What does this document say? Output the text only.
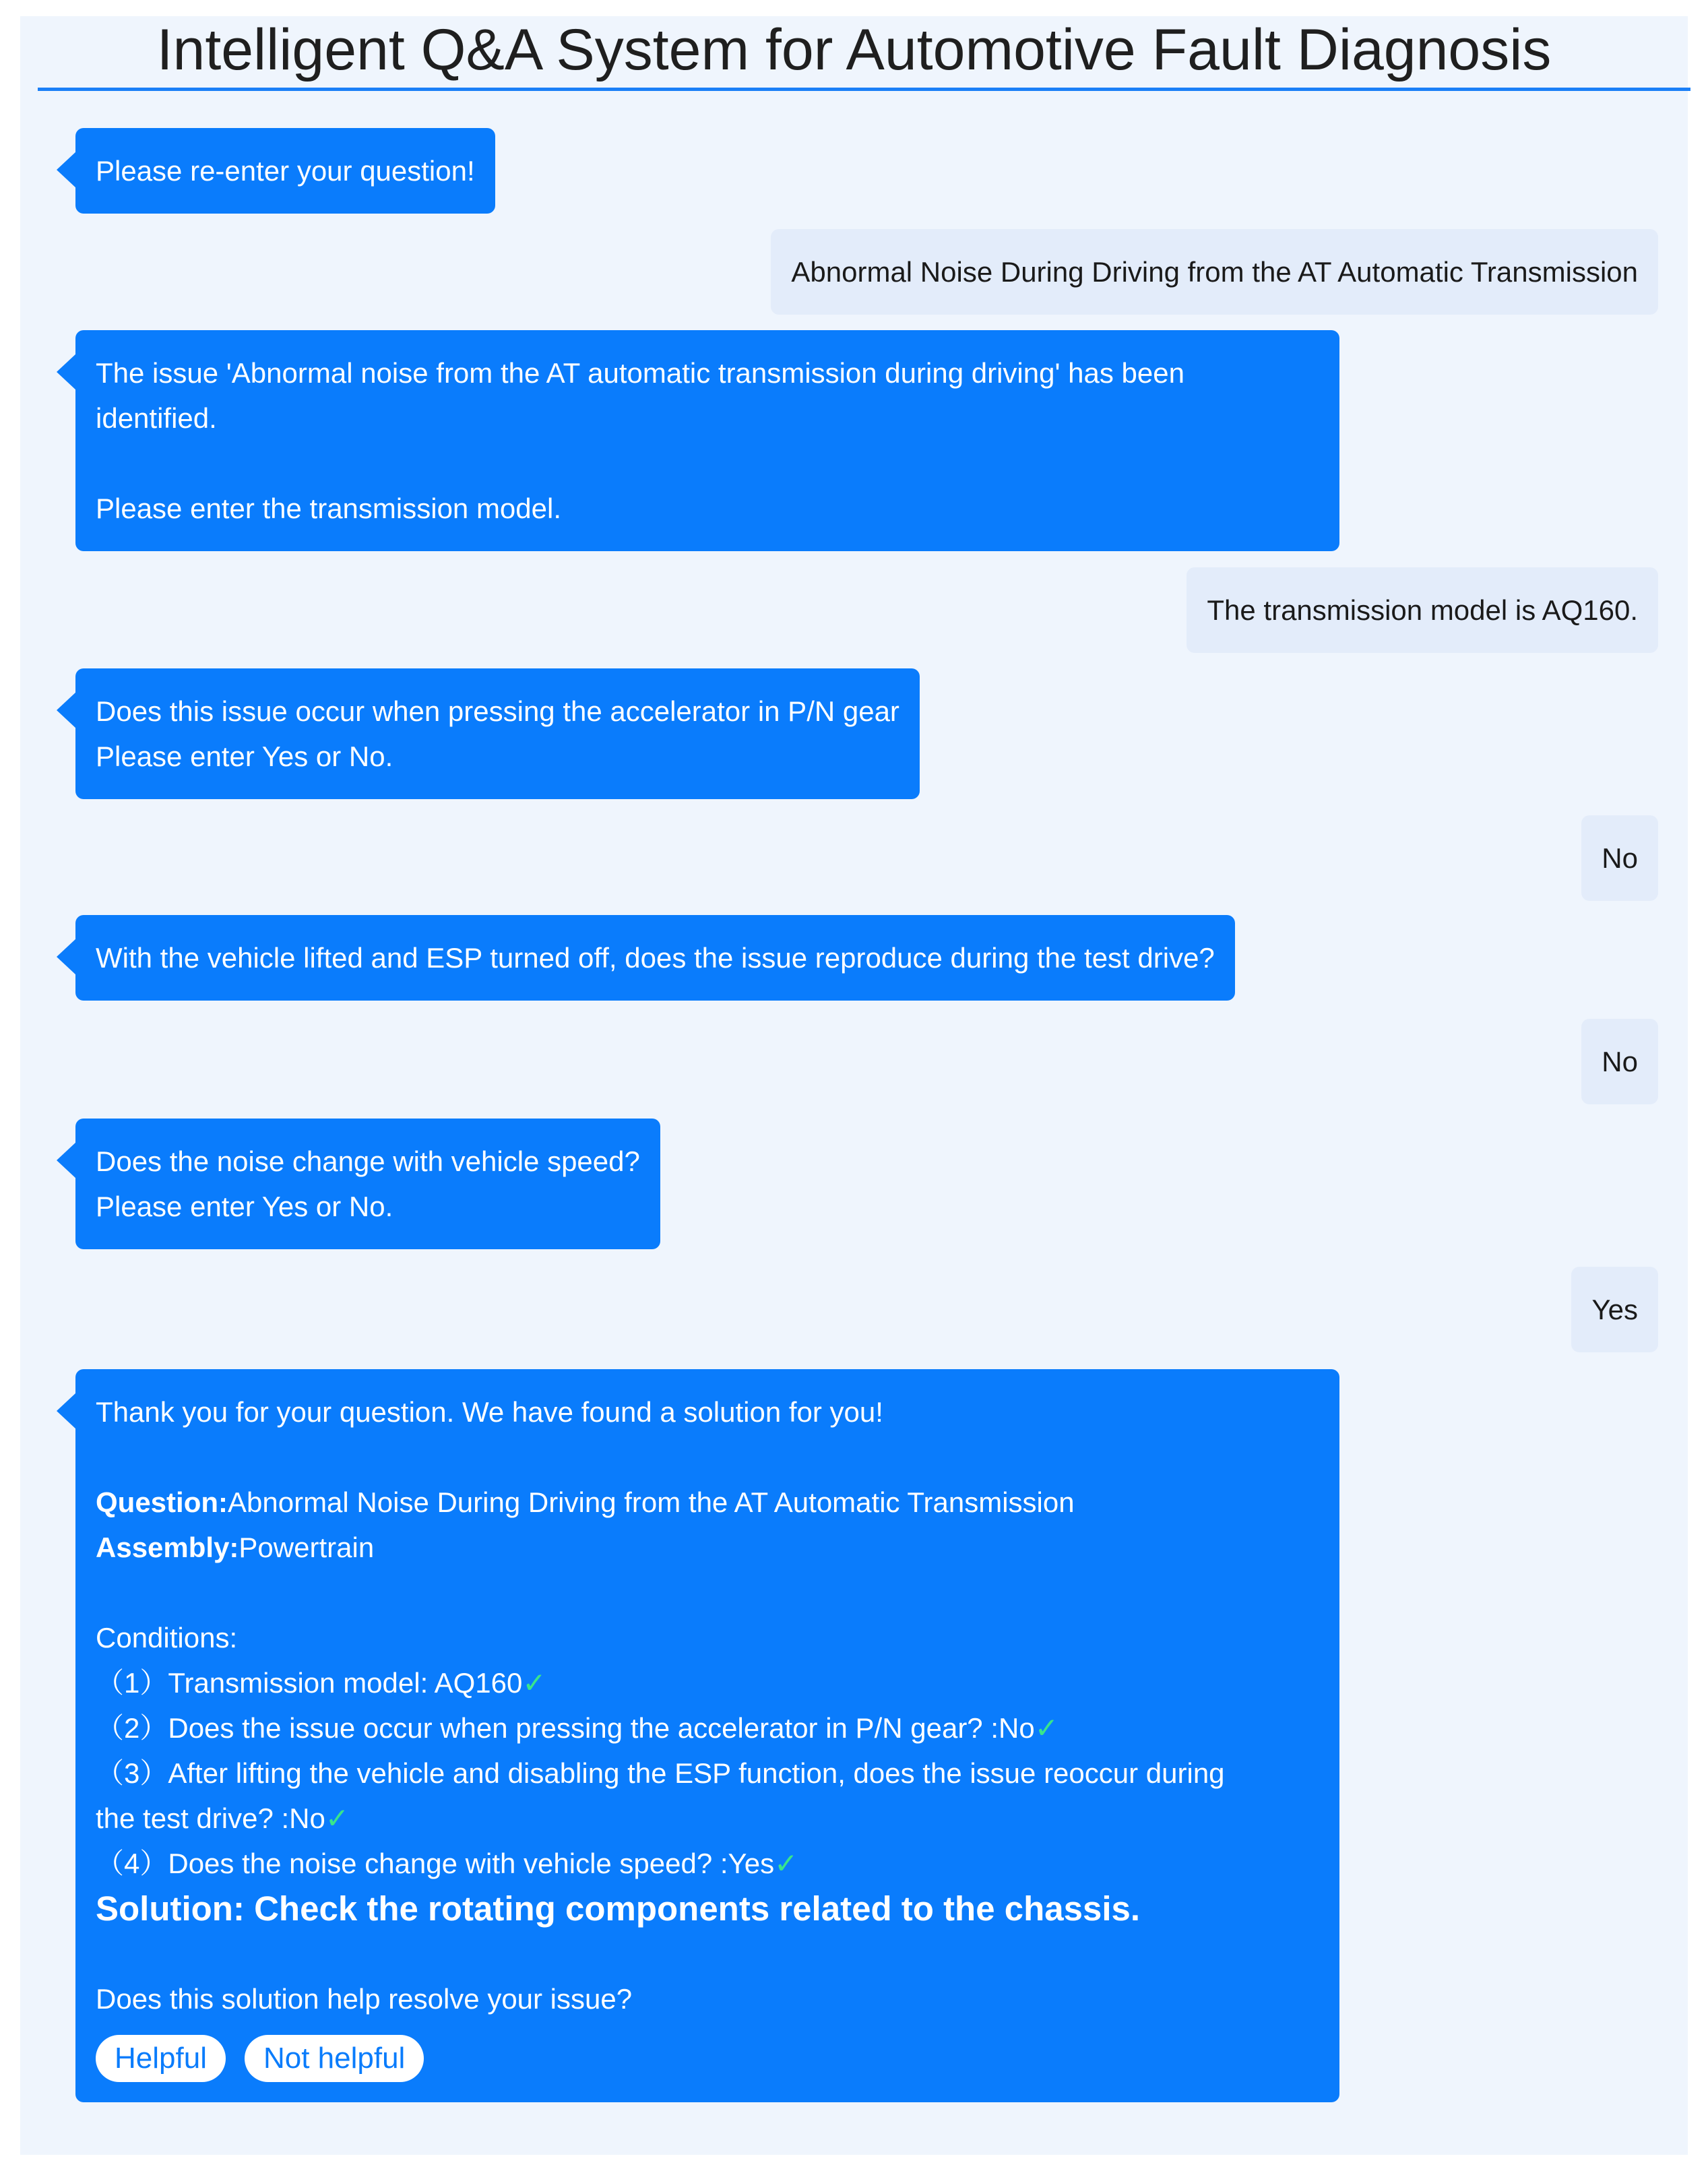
Intelligent Q&A System for Automotive Fault Diagnosis
Please re-enter your question!
Abnormal Noise During Driving from the AT Automatic Transmission
The issue 'Abnormal noise from the AT automatic transmission during driving' has been
identified.
Please enter the transmission model.
The transmission model is AQ160.
Does this issue occur when pressing the accelerator in P/N gear
Please enter Yes or No.
No
With the vehicle lifted and ESP turned off, does the issue reproduce during the test drive?
No
Does the noise change with vehicle speed?
Please enter Yes or No.
Yes
Thank you for your question. We have found a solution for you!
Question:Abnormal Noise During Driving from the AT Automatic Transmission
Assembly:Powertrain
Conditions:
（1）Transmission model: AQ160✓
（2）Does the issue occur when pressing the accelerator in P/N gear? :No✓
（3）After lifting the vehicle and disabling the ESP function, does the issue reoccur during
the test drive? :No✓
（4）Does the noise change with vehicle speed? :Yes✓
Solution: Check the rotating components related to the chassis.
Does this solution help resolve your issue?
Helpful	Not helpful
